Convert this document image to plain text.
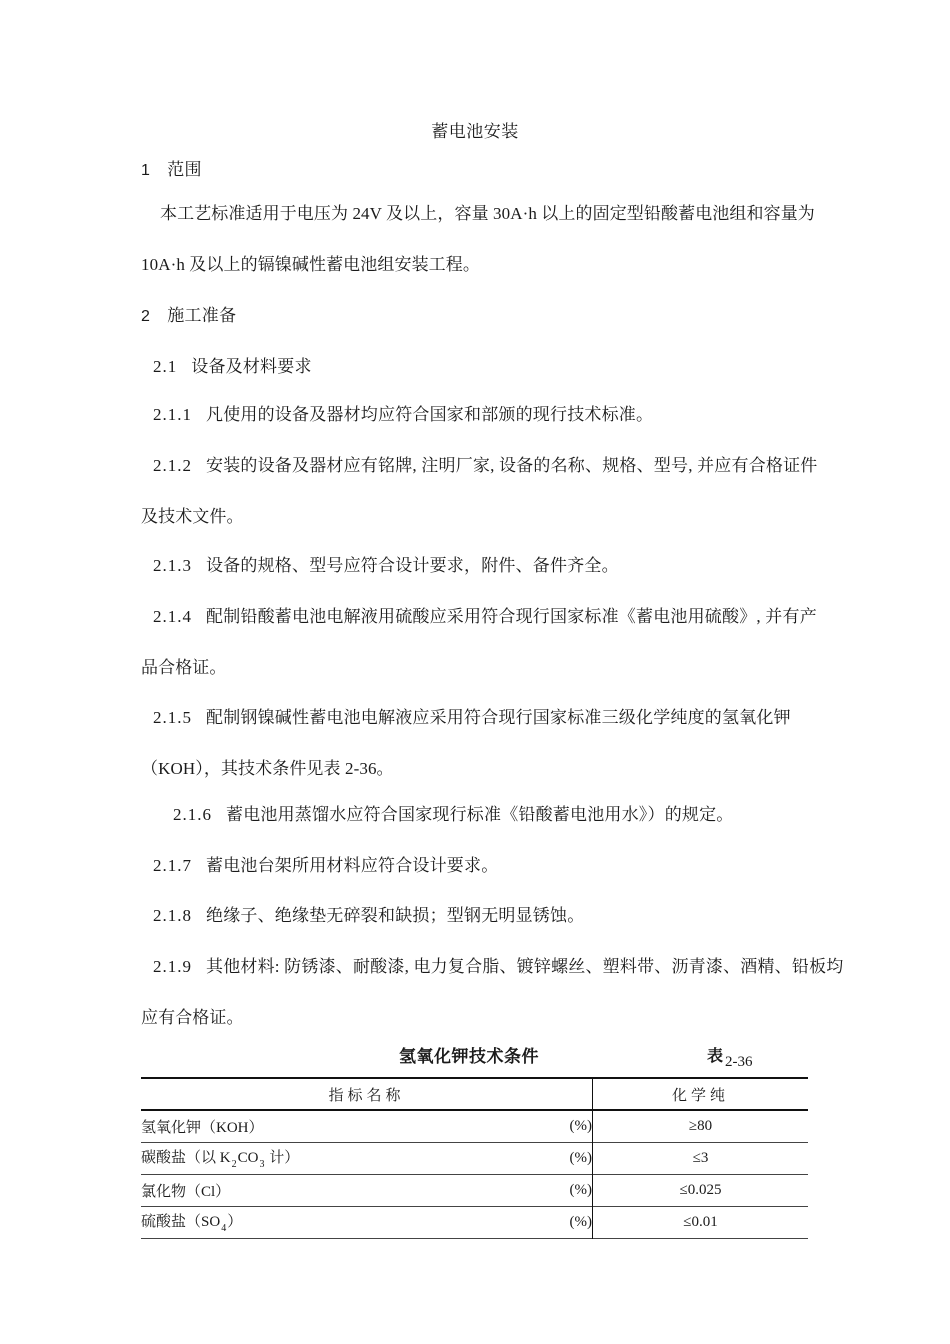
蓄电池安装
1 范围
本工艺标准适用于电压为 24V 及以上，容量 30A·h 以上的固定型铅酸蓄电池组和容量为
10A·h 及以上的镉镍碱性蓄电池组安装工程。
2 施工准备
2.1 设备及材料要求
2.1.1 凡使用的设备及器材均应符合国家和部颁的现行技术标准。
2.1.2 安装的设备及器材应有铭牌, 注明厂家, 设备的名称、规格、型号, 并应有合格证件
及技术文件。
2.1.3 设备的规格、型号应符合设计要求，附件、备件齐全。
2.1.4 配制铅酸蓄电池电解液用硫酸应采用符合现行国家标准《蓄电池用硫酸》, 并有产
品合格证。
2.1.5 配制钢镍碱性蓄电池电解液应采用符合现行国家标准三级化学纯度的氢氧化钾
（KOH），其技术条件见表 2-36。
2.1.6 蓄电池用蒸馏水应符合国家现行标准《铅酸蓄电池用水》）的规定。
2.1.7 蓄电池台架所用材料应符合设计要求。
2.1.8 绝缘子、绝缘垫无碎裂和缺损；型钢无明显锈蚀。
2.1.9 其他材料: 防锈漆、耐酸漆, 电力复合脂、镀锌螺丝、塑料带、沥青漆、酒精、铅板均
应有合格证。
氢氧化钾技术条件	表 2-36
指标名称		化学纯
氢氧化钾（KOH）	(%)	≥80
碳酸盐（以 $K_2CO_3$ 计）	(%)	≤3
氯化物（Cl）	(%)	≤0.025
硫酸盐$(SO_4)$	(%)	≤0.01
